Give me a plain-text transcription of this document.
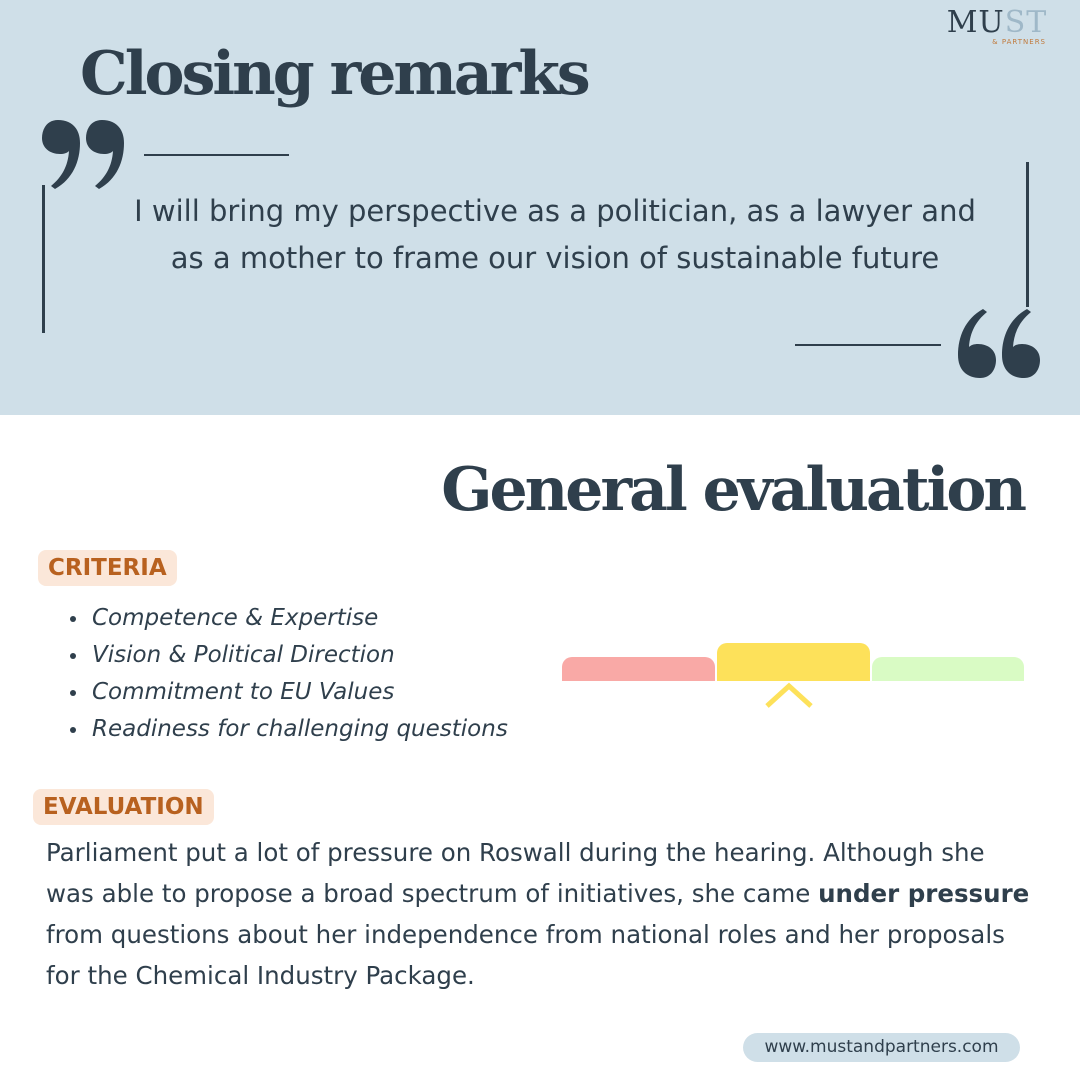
MUST
& PARTNERS
Closing remarks

I will bring my perspective as a politician, as a lawyer and as a mother to frame our vision of sustainable future

General evaluation
CRITERIA
Competence & Expertise
Vision & Political Direction
Commitment to EU Values
Readiness for challenging questions
EVALUATION

Parliament put a lot of pressure on Roswall during the hearing. Although she was able to propose a broad spectrum of initiatives, she came under pressure from questions about her independence from national roles and her proposals for the Chemical Industry Package.

www.mustandpartners.com
